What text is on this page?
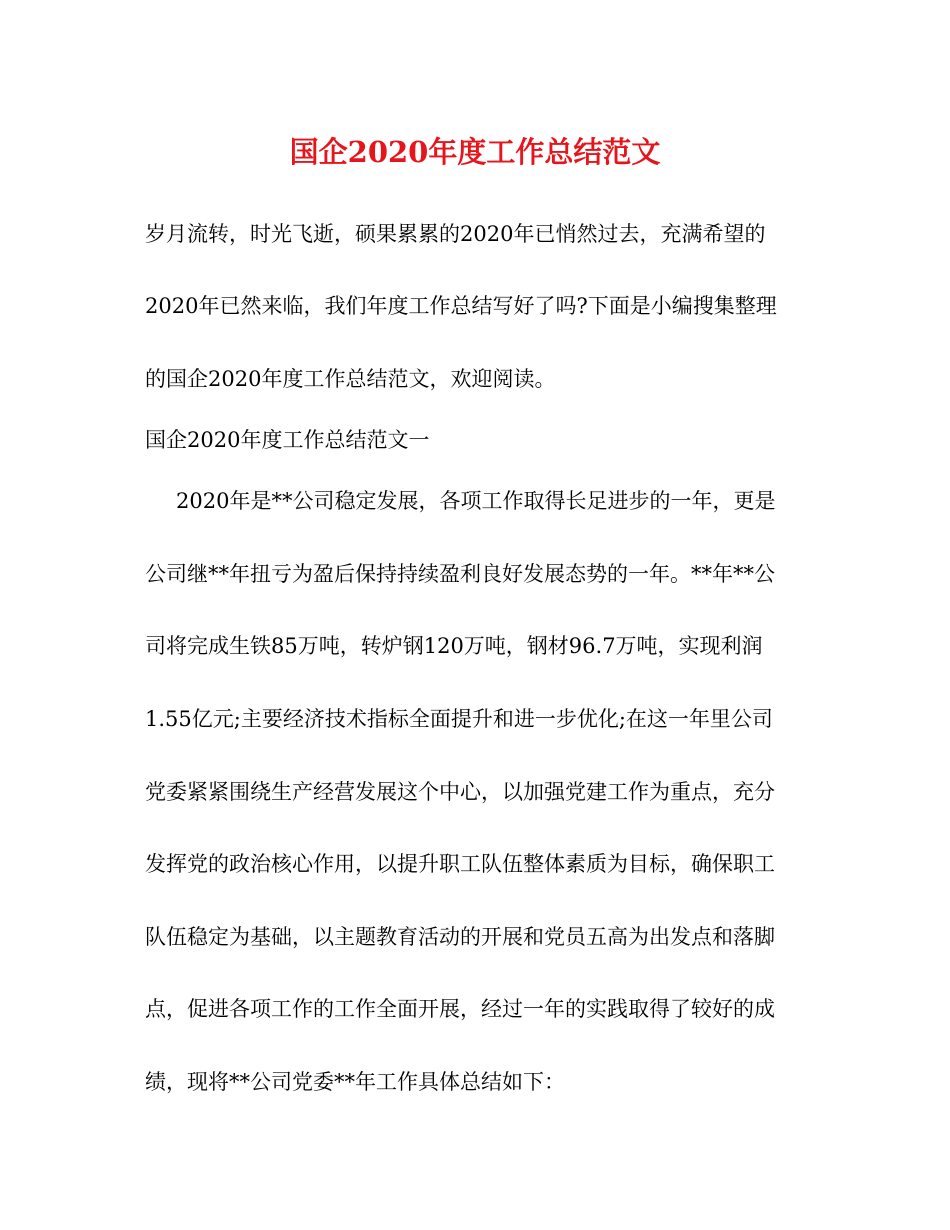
国企2020年度工作总结范文
岁月流转，时光飞逝，硕果累累的2020年已悄然过去，充满希望的
2020年已然来临，我们年度工作总结写好了吗?下面是小编搜集整理
的国企2020年度工作总结范文，欢迎阅读。
国企2020年度工作总结范文一
2020年是**公司稳定发展，各项工作取得长足进步的一年，更是
公司继**年扭亏为盈后保持持续盈利良好发展态势的一年。**年**公
司将完成生铁85万吨，转炉钢120万吨，钢材96.7万吨，实现利润
1.55亿元;主要经济技术指标全面提升和进一步优化;在这一年里公司
党委紧紧围绕生产经营发展这个中心，以加强党建工作为重点，充分
发挥党的政治核心作用，以提升职工队伍整体素质为目标，确保职工
队伍稳定为基础，以主题教育活动的开展和党员五高为出发点和落脚
点，促进各项工作的工作全面开展，经过一年的实践取得了较好的成
绩，现将**公司党委**年工作具体总结如下：
